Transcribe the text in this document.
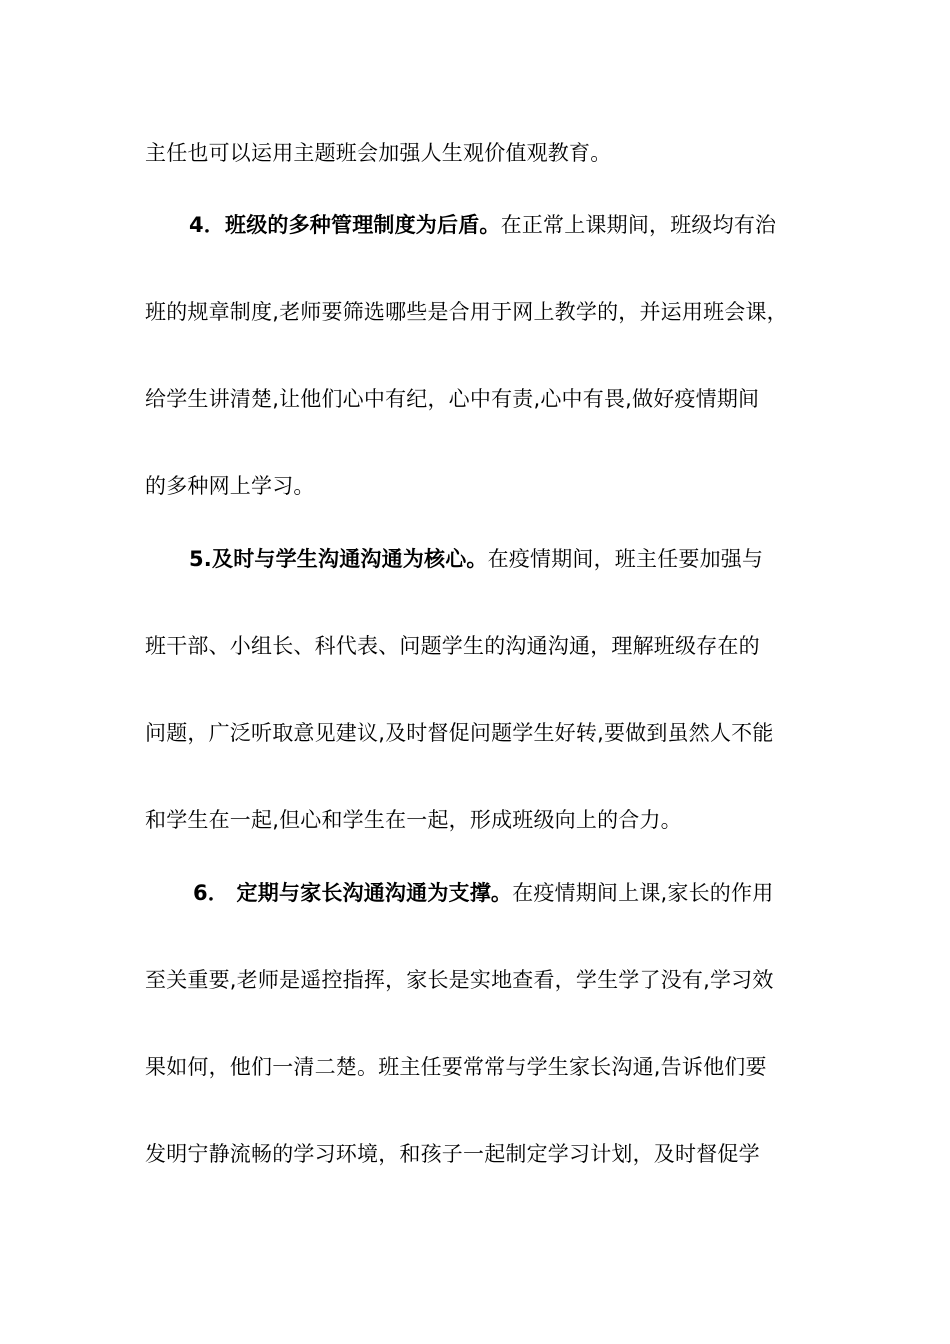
主任也可以运用主题班会加强人生观价值观教育。
4．班级的多种管理制度为后盾。在正常上课期间，班级均有治
班的规章制度,老师要筛选哪些是合用于网上教学的，并运用班会课，
给学生讲清楚,让他们心中有纪，心中有责,心中有畏,做好疫情期间
的多种网上学习。
5.及时与学生沟通沟通为核心。在疫情期间，班主任要加强与
班干部、小组长、科代表、问题学生的沟通沟通，理解班级存在的
问题，广泛听取意见建议,及时督促问题学生好转,要做到虽然人不能
和学生在一起,但心和学生在一起，形成班级向上的合力。
6． 定期与家长沟通沟通为支撑。在疫情期间上课,家长的作用
至关重要,老师是遥控指挥，家长是实地查看，学生学了没有,学习效
果如何，他们一清二楚。班主任要常常与学生家长沟通,告诉他们要
发明宁静流畅的学习环境，和孩子一起制定学习计划，及时督促学
